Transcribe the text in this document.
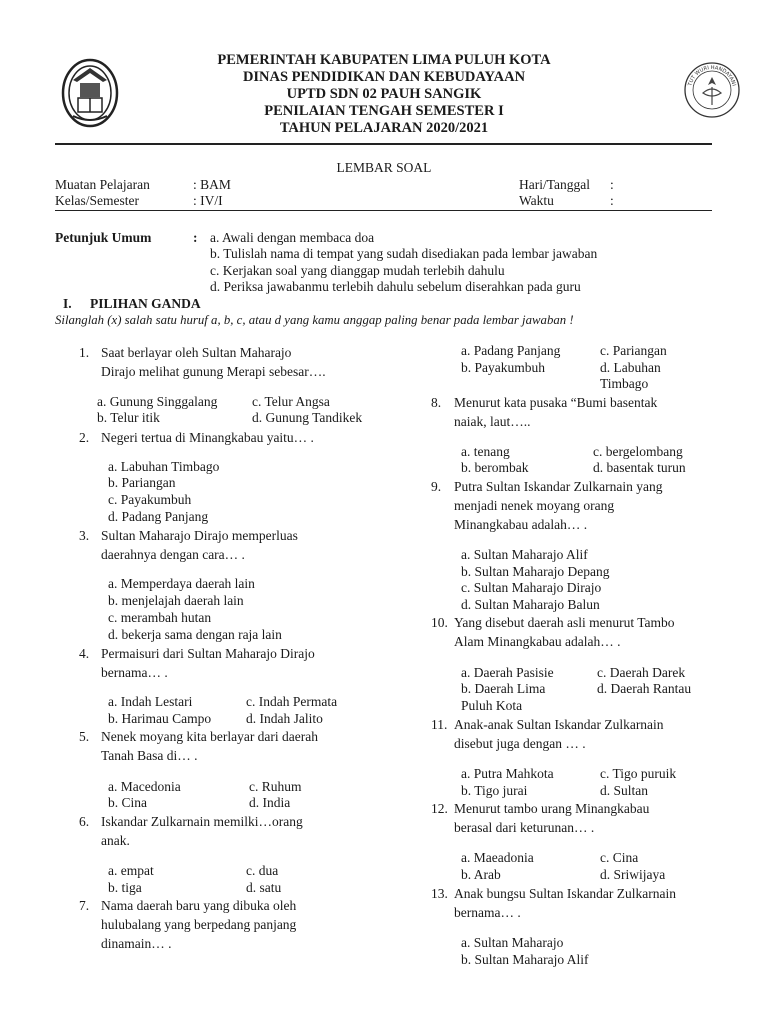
PEMERINTAH KABUPATEN LIMA PULUH KOTA
DINAS PENDIDIKAN DAN KEBUDAYAAN
UPTD SDN 02 PAUH SANGIK
PENILAIAN TENGAH SEMESTER I
TAHUN PELAJARAN 2020/2021
TUT WURI HANDAYANI
LEMBAR SOAL
Muatan Pelajaran	: BAM	Hari/Tanggal :
Kelas/Semester	: IV/I	Waktu	:
Petunjuk Umum	: a. Awali dengan membaca doa
b. Tulislah nama di tempat yang sudah disediakan pada lembar jawaban
c. Kerjakan soal yang dianggap mudah terlebih dahulu
d. Periksa jawabanmu terlebih dahulu sebelum diserahkan pada guru
I. PILIHAN GANDA
Silanglah (x) salah satu huruf a, b, c, atau d yang kamu anggap paling benar pada lembar jawaban !
1. Saat berlayar oleh Sultan Maharajo
Dirajo melihat gunung Merapi sebesar….
a. Gunung Singgalang	c. Telur Angsa
b. Telur itik	d. Gunung Tandikek
2. Negeri tertua di Minangkabau yaitu… .
a. Labuhan Timbago
b. Pariangan
c. Payakumbuh
d. Padang Panjang
3. Sultan Maharajo Dirajo memperluas
daerahnya dengan cara… .
a. Memperdaya daerah lain
b. menjelajah daerah lain
c. merambah hutan
d. bekerja sama dengan raja lain
4. Permaisuri dari Sultan Maharajo Dirajo
bernama… .
a. Indah Lestari	c. Indah Permata
b. Harimau Campo	d. Indah Jalito
5. Nenek moyang kita berlayar dari daerah
Tanah Basa di… .
a. Macedonia	c. Ruhum
b. Cina	d. India
6. Iskandar Zulkarnain memilki…orang
anak.
a. empat	c. dua
b. tiga	d. satu
7. Nama daerah baru yang dibuka oleh
hulubalang yang berpedang panjang
dinamain… .
a. Padang Panjang	c. Pariangan
b. Payakumbuh	d. Labuhan
Timbago
8. Menurut kata pusaka “Bumi basentak
naiak, laut…..
a. tenang	c. bergelombang
b. berombak	d. basentak turun
9. Putra Sultan Iskandar Zulkarnain yang
menjadi nenek moyang orang
Minangkabau adalah… .
a. Sultan Maharajo Alif
b. Sultan Maharajo Depang
c. Sultan Maharajo Dirajo
d. Sultan Maharajo Balun
10. Yang disebut daerah asli menurut Tambo
Alam Minangkabau adalah… .
a. Daerah Pasisie	c. Daerah Darek
b. Daerah Lima	d. Daerah Rantau
Puluh Kota
11. Anak-anak Sultan Iskandar Zulkarnain
disebut juga dengan … .
a. Putra Mahkota	c. Tigo puruik
b. Tigo jurai	d. Sultan
12. Menurut tambo urang Minangkabau
berasal dari keturunan… .
a. Maeadonia	c. Cina
b. Arab	d. Sriwijaya
13. Anak bungsu Sultan Iskandar Zulkarnain
bernama… .
a. Sultan Maharajo
b. Sultan Maharajo Alif
